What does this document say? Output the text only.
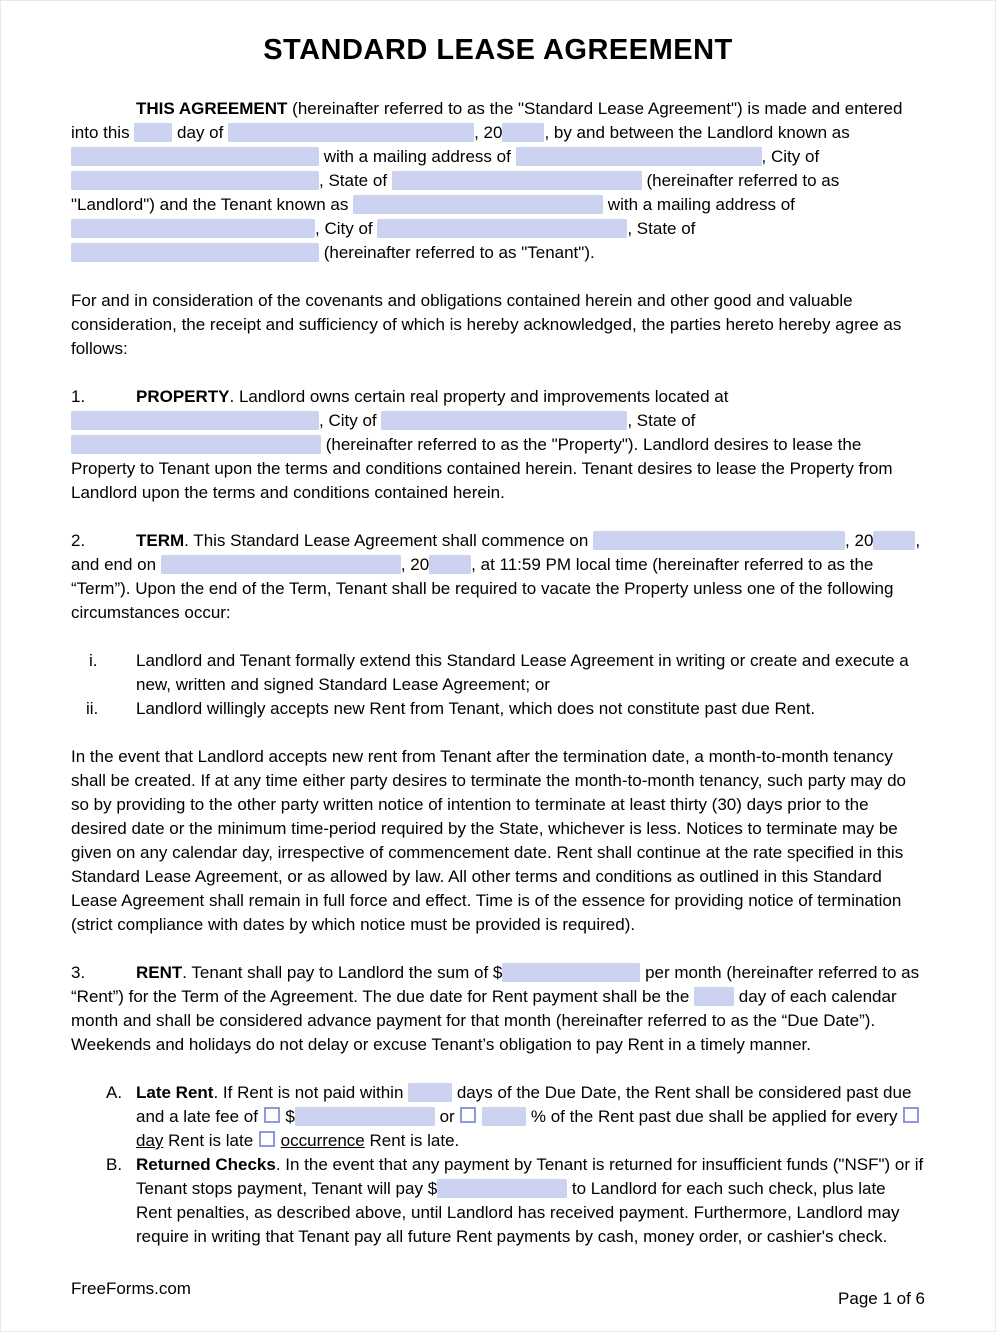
STANDARD LEASE AGREEMENT
THIS AGREEMENT (hereinafter referred to as the "Standard Lease Agreement") is made and entered into this  day of	, 20 , by and between the Landlord known as  with a mailing address of	, City of , State of	(hereinafter referred to as "Landlord") and the Tenant known as	with a mailing address of , City of	, State of  (hereinafter referred to as "Tenant").
For and in consideration of the covenants and obligations contained herein and other good and valuable consideration, the receipt and sufficiency of which is hereby acknowledged, the parties hereto hereby agree as follows:
1.	PROPERTY. Landlord owns certain real property and improvements located at , City of	, State of  (hereinafter referred to as the "Property"). Landlord desires to lease the Property to Tenant upon the terms and conditions contained herein. Tenant desires to lease the Property from Landlord upon the terms and conditions contained herein.
2.	TERM. This Standard Lease Agreement shall commence on	, 20 , and end on	, 20 , at 11:59 PM local time (hereinafter referred to as the “Term”). Upon the end of the Term, Tenant shall be required to vacate the Property unless one of the following circumstances occur:
i. Landlord and Tenant formally extend this Standard Lease Agreement in writing or create and execute a new, written and signed Standard Lease Agreement; or
ii. Landlord willingly accepts new Rent from Tenant, which does not constitute past due Rent.
In the event that Landlord accepts new rent from Tenant after the termination date, a month-to-month tenancy shall be created. If at any time either party desires to terminate the month-to-month tenancy, such party may do so by providing to the other party written notice of intention to terminate at least thirty (30) days prior to the desired date or the minimum time-period required by the State, whichever is less. Notices to terminate may be given on any calendar day, irrespective of commencement date. Rent shall continue at the rate specified in this Standard Lease Agreement, or as allowed by law. All other terms and conditions as outlined in this Standard Lease Agreement shall remain in full force and effect. Time is of the essence for providing notice of termination (strict compliance with dates by which notice must be provided is required).
3.	RENT. Tenant shall pay to Landlord the sum of $	per month (hereinafter referred to as “Rent”) for the Term of the Agreement. The due date for Rent payment shall be the  day of each calendar month and shall be considered advance payment for that month (hereinafter referred to as the “Due Date”). Weekends and holidays do not delay or excuse Tenant’s obligation to pay Rent in a timely manner.
A. Late Rent. If Rent is not paid within	days of the Due Date, the Rent shall be considered past due and a late fee of  $	or	% of the Rent past due shall be applied for every  day Rent is late  occurrence Rent is late.
B. Returned Checks. In the event that any payment by Tenant is returned for insufficient funds ("NSF") or if Tenant stops payment, Tenant will pay $	to Landlord for each such check, plus late Rent penalties, as described above, until Landlord has received payment. Furthermore, Landlord may require in writing that Tenant pay all future Rent payments by cash, money order, or cashier's check.
FreeForms.com
Page 1 of 6
